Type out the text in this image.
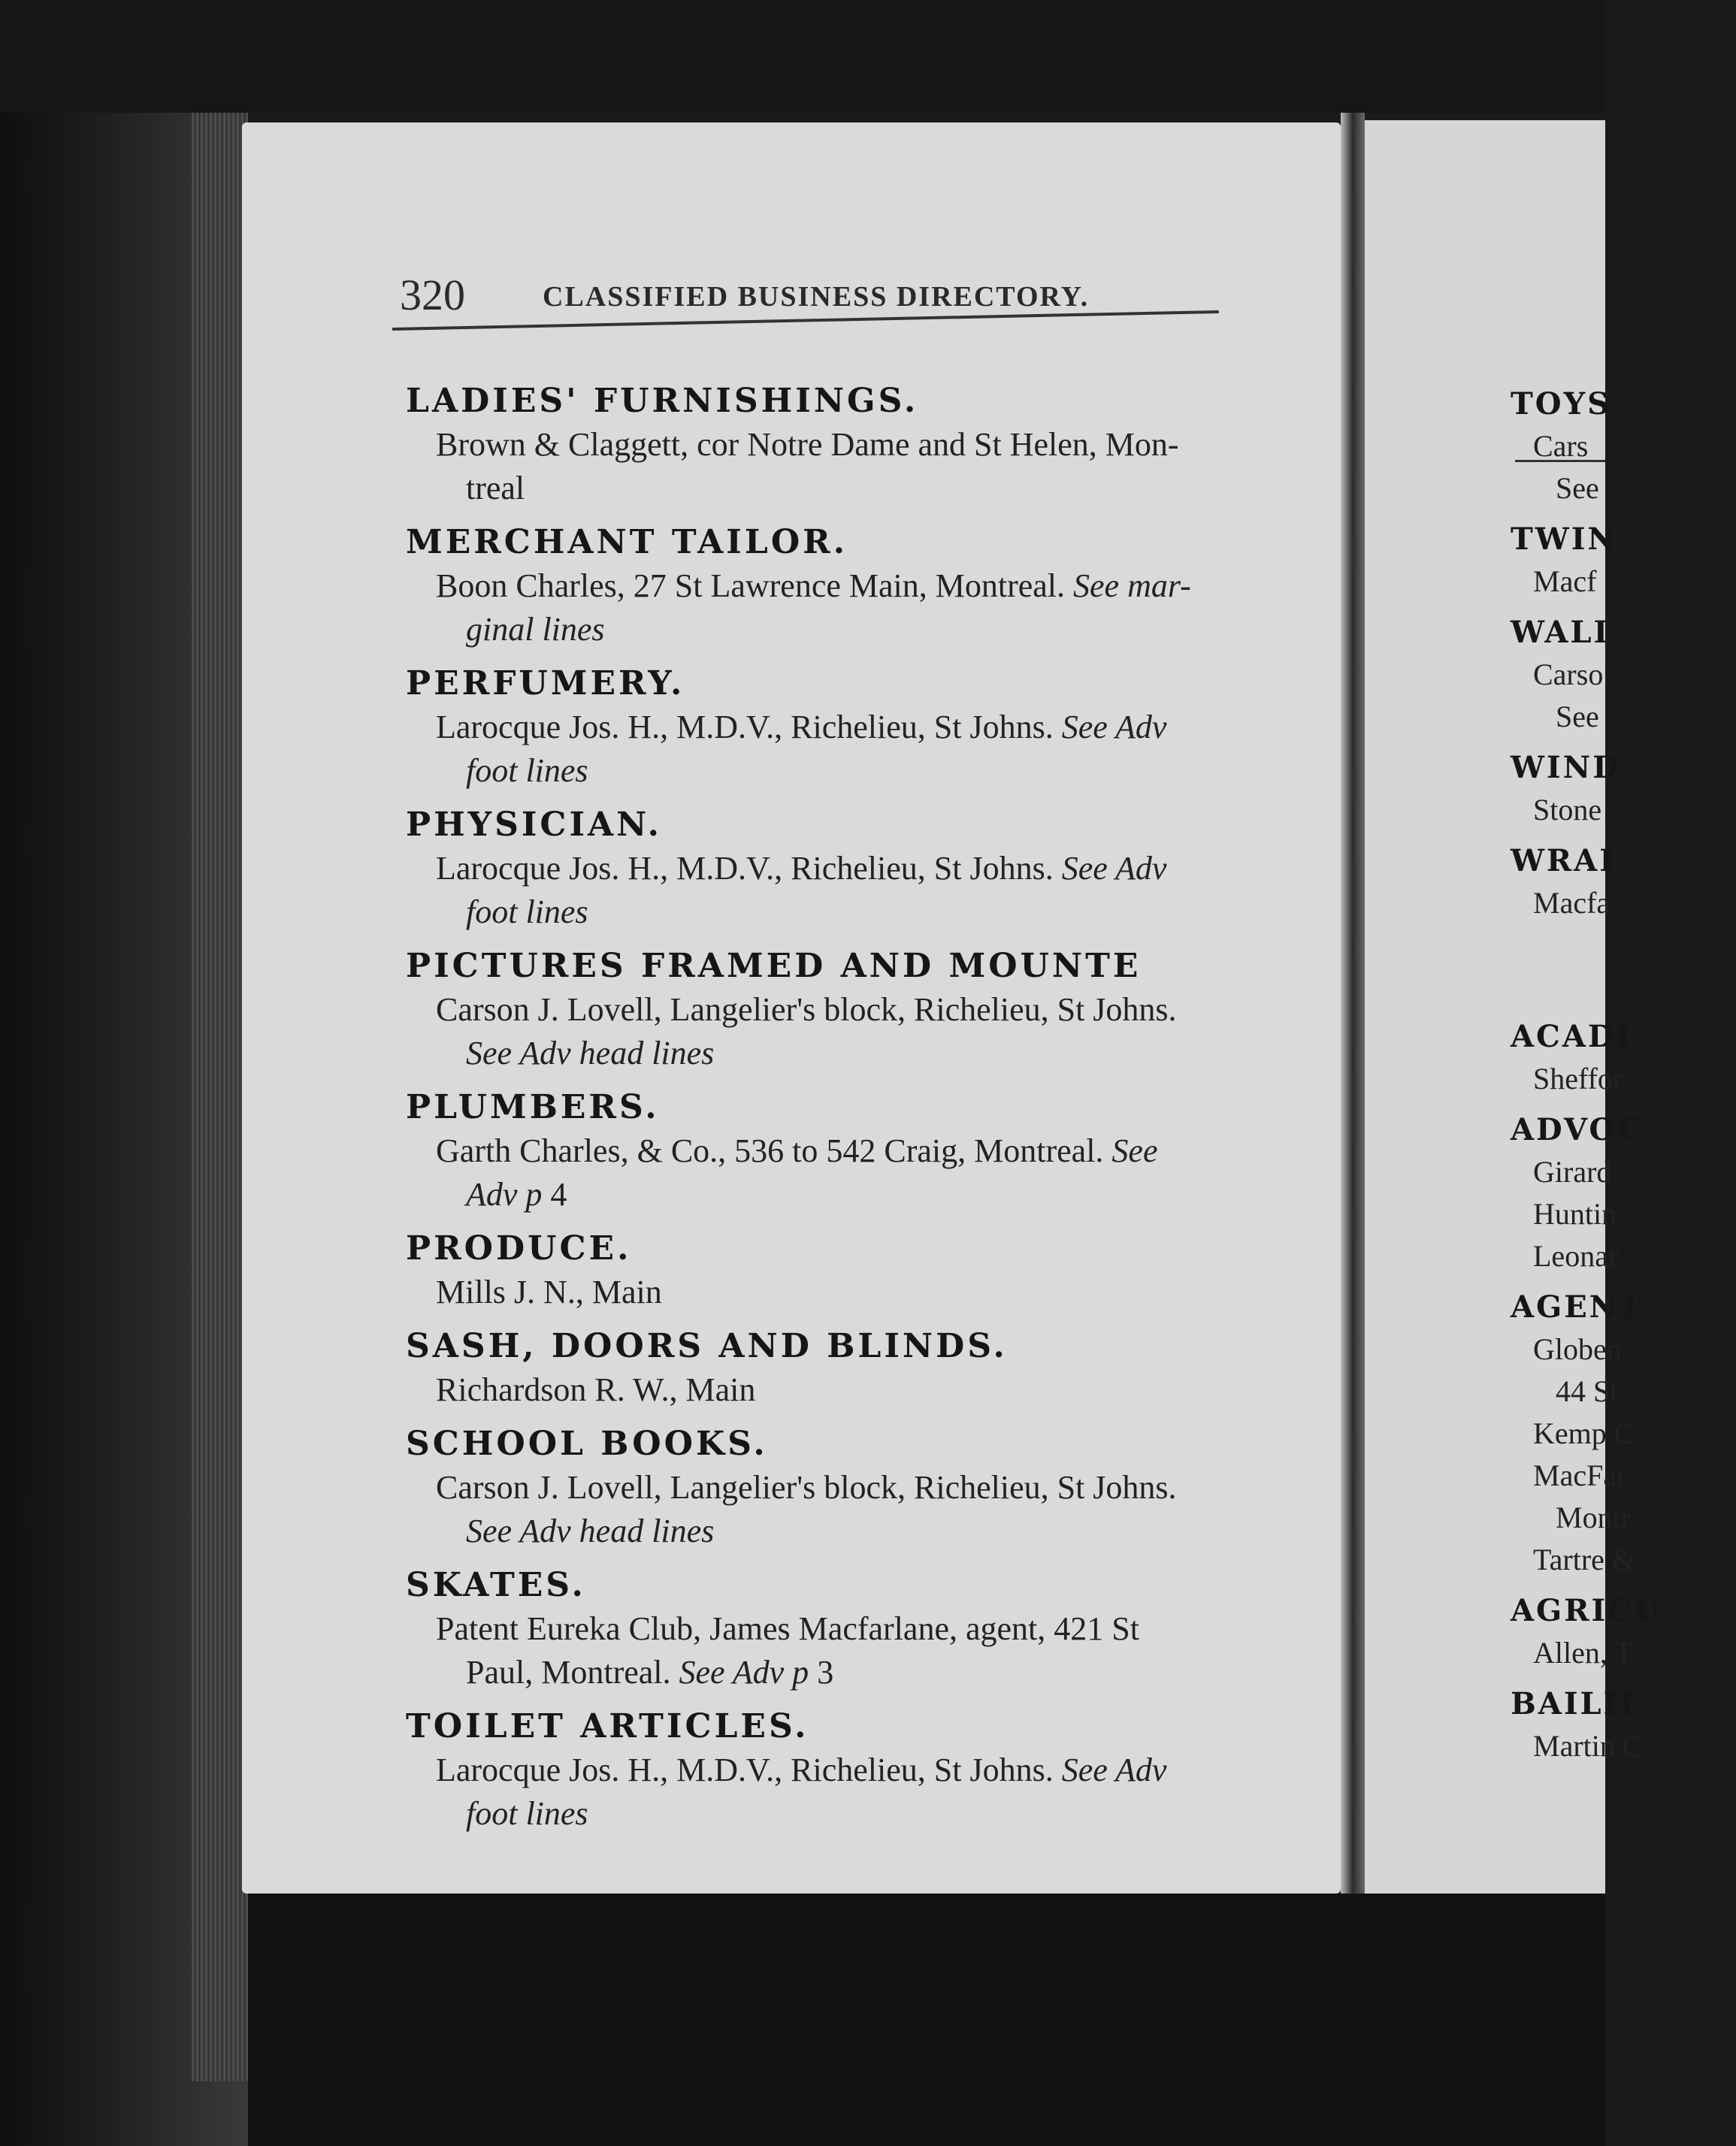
320	CLASSIFIED BUSINESS DIRECTORY.
LADIES' FURNISHINGS.

Brown & Claggett, cor Notre Dame and St Helen, Mon-
treal

MERCHANT TAILOR.

Boon Charles, 27 St Lawrence Main, Montreal. See mar-
ginal lines

PERFUMERY.

Larocque Jos. H., M.D.V., Richelieu, St Johns. See Adv
foot lines

PHYSICIAN.

Larocque Jos. H., M.D.V., Richelieu, St Johns. See Adv
foot lines

PICTURES FRAMED AND MOUNTE

Carson J. Lovell, Langelier's block, Richelieu, St Johns.
See Adv head lines

PLUMBERS.

Garth Charles, & Co., 536 to 542 Craig, Montreal. See
Adv p 4

PRODUCE.

Mills J. N., Main

SASH, DOORS AND BLINDS.

Richardson R. W., Main

SCHOOL BOOKS.

Carson J. Lovell, Langelier's block, Richelieu, St Johns.
See Adv head lines

SKATES.

Patent Eureka Club, James Macfarlane, agent, 421 St
Paul, Montreal. See Adv p 3

TOILET ARTICLES.

Larocque Jos. H., M.D.V., Richelieu, St Johns. See Adv
foot lines

TOYS
Cars
See
TWIN
Macf
WALI
Carso
See
WIND
Stone
WRAI
Macfa
ACADI
Sheffor
ADVOC
Girard
Huntin
Leonar
AGENT
Globen
44 St
Kemp C
MacFar
Montr
Tartre &
AGRICU
Allen, T
BAILIF
Martin C
